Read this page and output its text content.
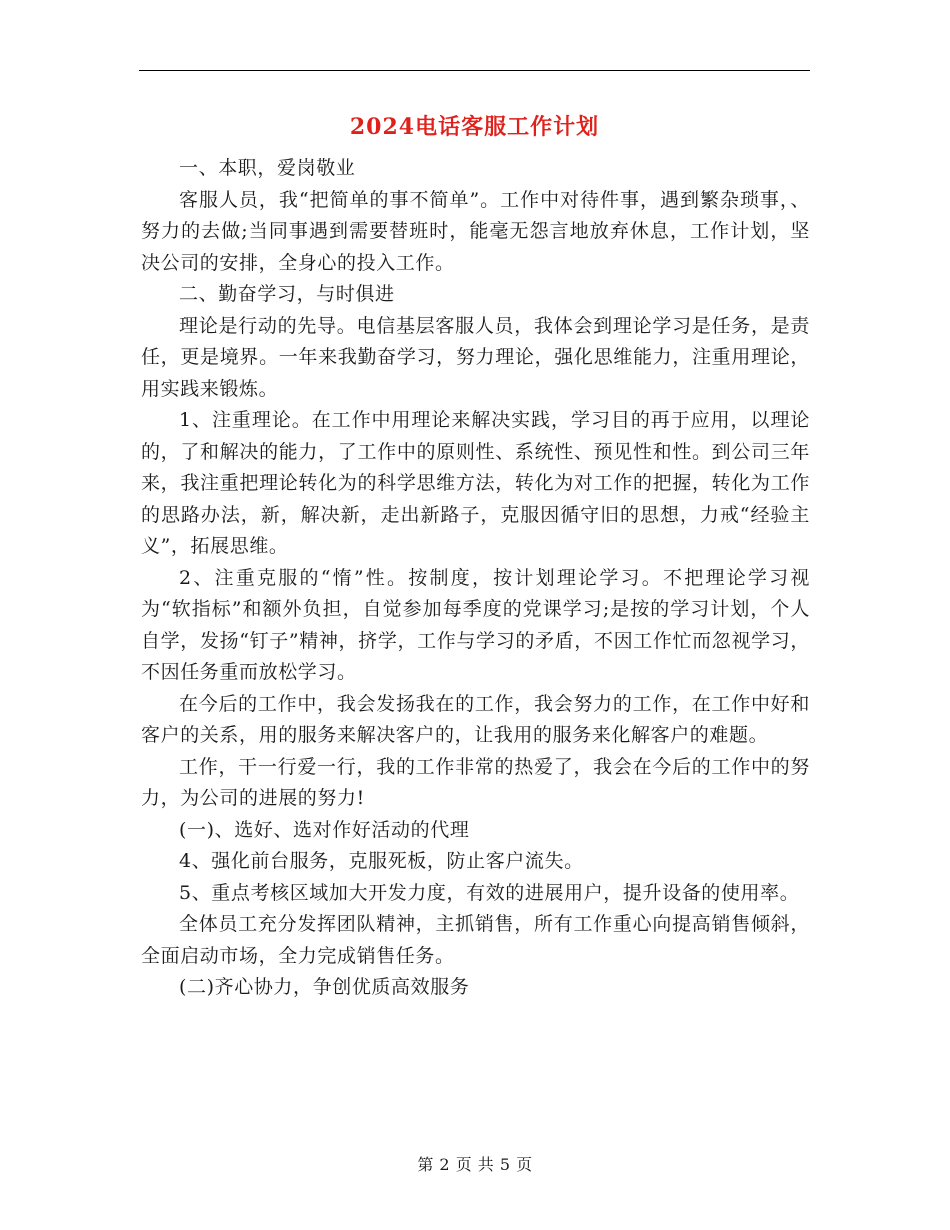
2024电话客服工作计划

一、本职，爱岗敬业

客服人员，我“把简单的事不简单”。工作中对待件事，遇到繁杂琐事，、努力的去做;当同事遇到需要替班时，能毫无怨言地放弃休息，工作计划，坚决公司的安排，全身心的投入工作。

二、勤奋学习，与时俱进

理论是行动的先导。电信基层客服人员，我体会到理论学习是任务，是责任，更是境界。一年来我勤奋学习，努力理论，强化思维能力，注重用理论，用实践来锻炼。

1、注重理论。在工作中用理论来解决实践，学习目的再于应用，以理论的，了和解决的能力，了工作中的原则性、系统性、预见性和性。到公司三年来，我注重把理论转化为的科学思维方法，转化为对工作的把握，转化为工作的思路办法，新，解决新，走出新路子，克服因循守旧的思想，力戒“经验主义”，拓展思维。

2、注重克服的“惰”性。按制度，按计划理论学习。不把理论学习视为“软指标”和额外负担，自觉参加每季度的党课学习;是按的学习计划，个人自学，发扬“钉子”精神，挤学，工作与学习的矛盾，不因工作忙而忽视学习，不因任务重而放松学习。

在今后的工作中，我会发扬我在的工作，我会努力的工作，在工作中好和客户的关系，用的服务来解决客户的，让我用的服务来化解客户的难题。

工作，干一行爱一行，我的工作非常的热爱了，我会在今后的工作中的努力，为公司的进展的努力!

(一)、选好、选对作好活动的代理

4、强化前台服务，克服死板，防止客户流失。

5、重点考核区域加大开发力度，有效的进展用户，提升设备的使用率。

全体员工充分发挥团队精神，主抓销售，所有工作重心向提高销售倾斜，全面启动市场，全力完成销售任务。

(二)齐心协力，争创优质高效服务

第 2 页 共 5 页
